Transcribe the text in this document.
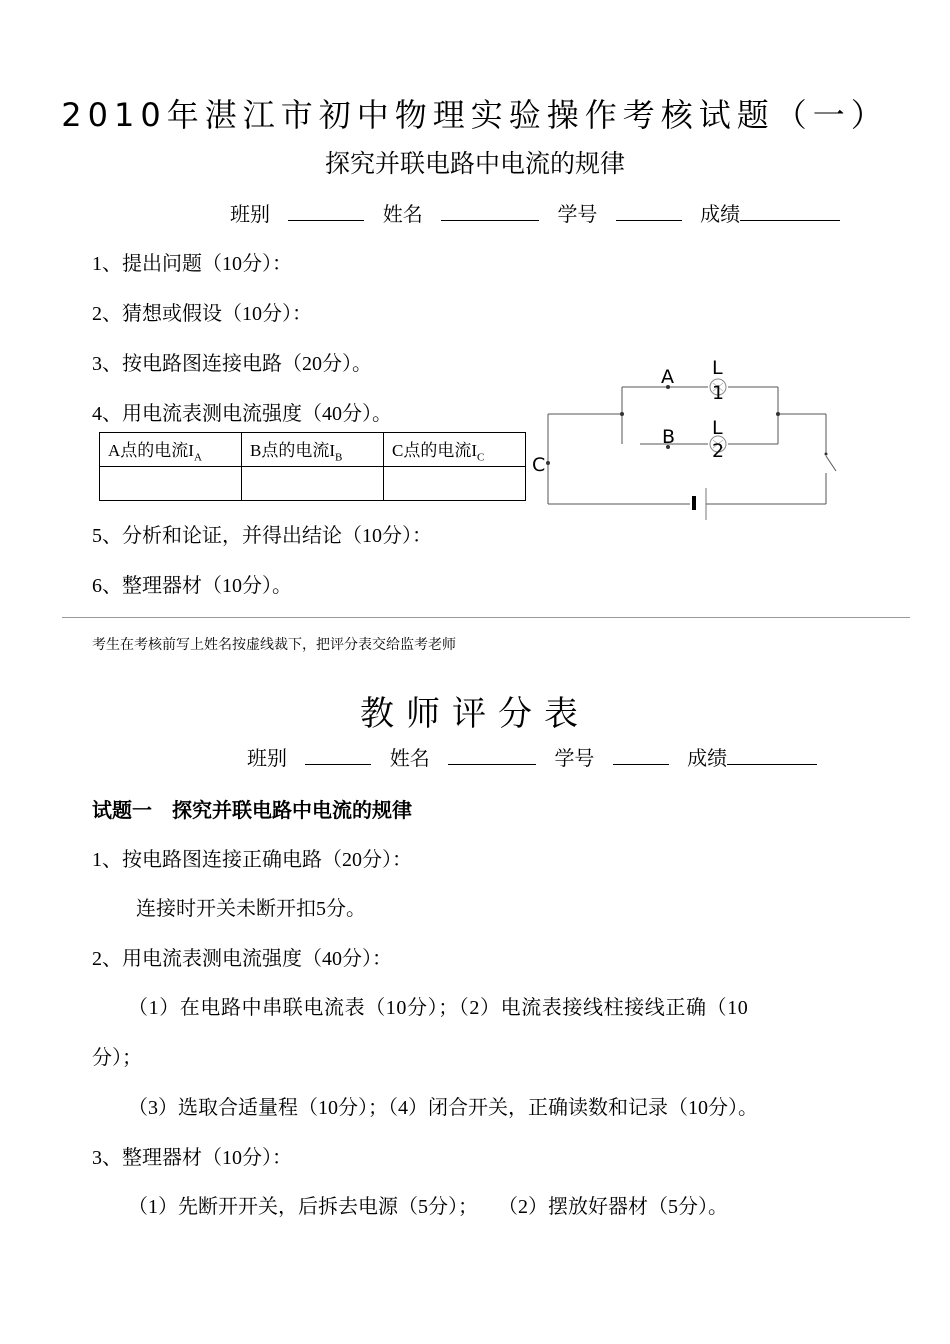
2010年湛江市初中物理实验操作考核试题（一）
探究并联电路中电流的规律
班别	姓名	学号	成绩
1、提出问题（10分）：
2、猜想或假设（10分）：
3、按电路图连接电路（20分）。
4、用电流表测电流强度（40分）。
A点的电流$I_A$	B点的电流$I_B$	C点的电流$I_C$

5、分析和论证，并得出结论（10分）：
6、整理器材（10分）。
A
B
C
L
1
L
2
考生在考核前写上姓名按虚线裁下，把评分表交给监考老师
教师评分表
班别	姓名	学号	成绩
试题一　探究并联电路中电流的规律
1、按电路图连接正确电路（20分）：
连接时开关未断开扣5分。
2、用电流表测电流强度（40分）：
（1）在电路中串联电流表（10分）；（2）电流表接线柱接线正确（10
分）；
（3）选取合适量程（10分）；（4）闭合开关，正确读数和记录（10分）。
3、整理器材（10分）：
（1）先断开开关，后拆去电源（5分）；　　（2）摆放好器材（5分）。
